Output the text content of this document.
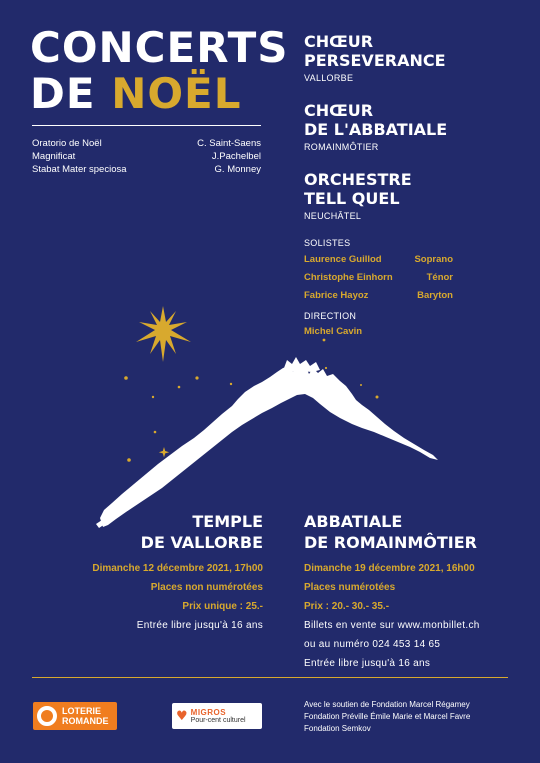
CONCERTS
DE NOËL
Oratorio de Noël	C. Saint-Saens
Magnificat	J.Pachelbel
Stabat Mater speciosa	G. Monney
CHŒUR
PERSEVERANCE
VALLORBE
CHŒUR
DE L'ABBATIALE
ROMAINMÔTIER
ORCHESTRE
TELL QUEL
NEUCHÂTEL
SOLISTES
Laurence Guillod	Soprano
Christophe Einhorn	Ténor
Fabrice Hayoz	Baryton
DIRECTION
Michel Cavin
TEMPLE
DE VALLORBE
Dimanche 12 décembre 2021, 17h00
Places non numérotées
Prix unique : 25.-
Entrée libre jusqu'à 16 ans
ABBATIALE
DE ROMAINMÔTIER
Dimanche 19 décembre 2021, 16h00
Places numérotées
Prix : 20.- 30.- 35.-
Billets en vente sur www.monbillet.ch
ou au numéro 024 453 14 65
Entrée libre jusqu'à 16 ans
LOTERIE
ROMANDE	♥ MIGROS
Pour-cent culturel
Avec le soutien de Fondation Marcel Régamey
Fondation Préville Émile Marie et Marcel Favre
Fondation Semkov
